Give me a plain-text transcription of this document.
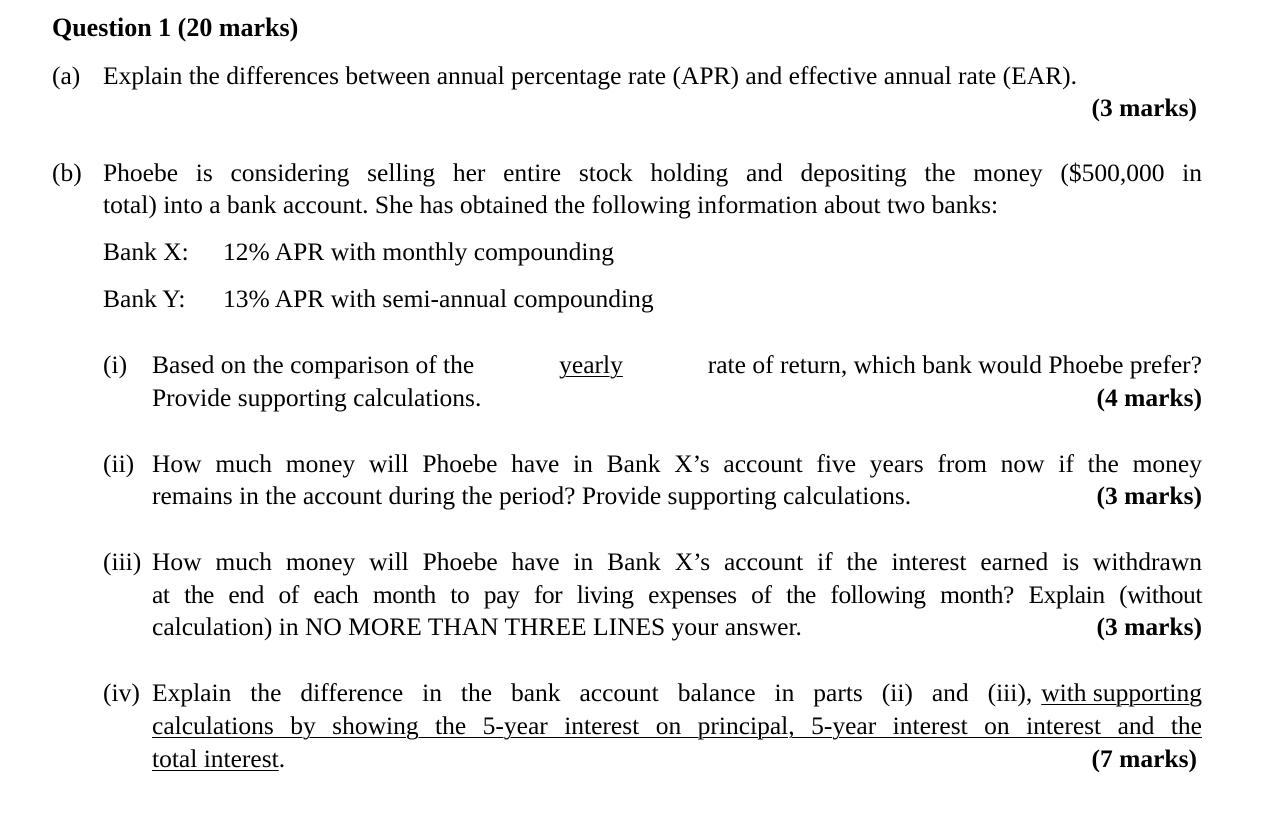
Question 1 (20 marks)
(a) Explain the differences between annual percentage rate (APR) and effective annual rate (EAR).
(3 marks)
(b) Phoebe is considering selling her entire stock holding and depositing the money ($500,000 in
total) into a bank account. She has obtained the following information about two banks:
Bank X: 12% APR with monthly compounding
Bank Y: 13% APR with semi-annual compounding
(i) Based on the comparison of the	yearly	rate of return, which bank would Phoebe prefer?
Provide supporting calculations.	(4 marks)
(ii) How much money will Phoebe have in Bank X’s account five years from now if the money
remains in the account during the period? Provide supporting calculations.	(3 marks)
(iii) How much money will Phoebe have in Bank X’s account if the interest earned is withdrawn
at the end of each month to pay for living expenses of the following month? Explain (without
calculation) in NO MORE THAN THREE LINES your answer.	(3 marks)
(iv) Explain the difference in the bank account balance in parts (ii) and (iii), with supporting
calculations by showing the 5-year interest on principal, 5-year interest on interest and the
total interest.	(7 marks)
